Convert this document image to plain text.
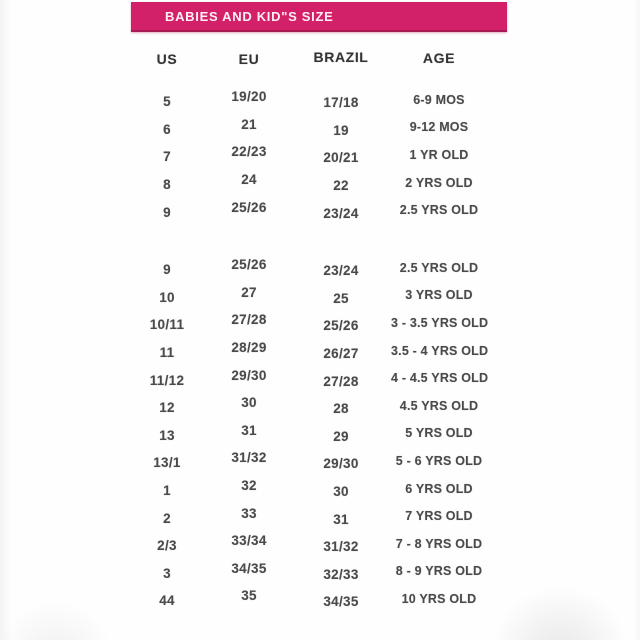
BABIES AND KID"S SIZE
US	EU	BRAZIL	AGE
5	19/20	17/18	6-9 MOS
6	21	19	9-12 MOS
7	22/23	20/21	1 YR OLD
8	24	22	2 YRS OLD
9	25/26	23/24	2.5 YRS OLD
9	25/26	23/24	2.5 YRS OLD
10	27	25	3 YRS OLD
10/11	27/28	25/26	3 - 3.5 YRS OLD
11	28/29	26/27	3.5 - 4 YRS OLD
11/12	29/30	27/28	4 - 4.5 YRS OLD
12	30	28	4.5 YRS OLD
13	31	29	5 YRS OLD
13/1	31/32	29/30	5 - 6 YRS OLD
1	32	30	6 YRS OLD
2	33	31	7 YRS OLD
2/3	33/34	31/32	7 - 8 YRS OLD
3	34/35	32/33	8 - 9 YRS OLD
44	35	34/35	10 YRS OLD
